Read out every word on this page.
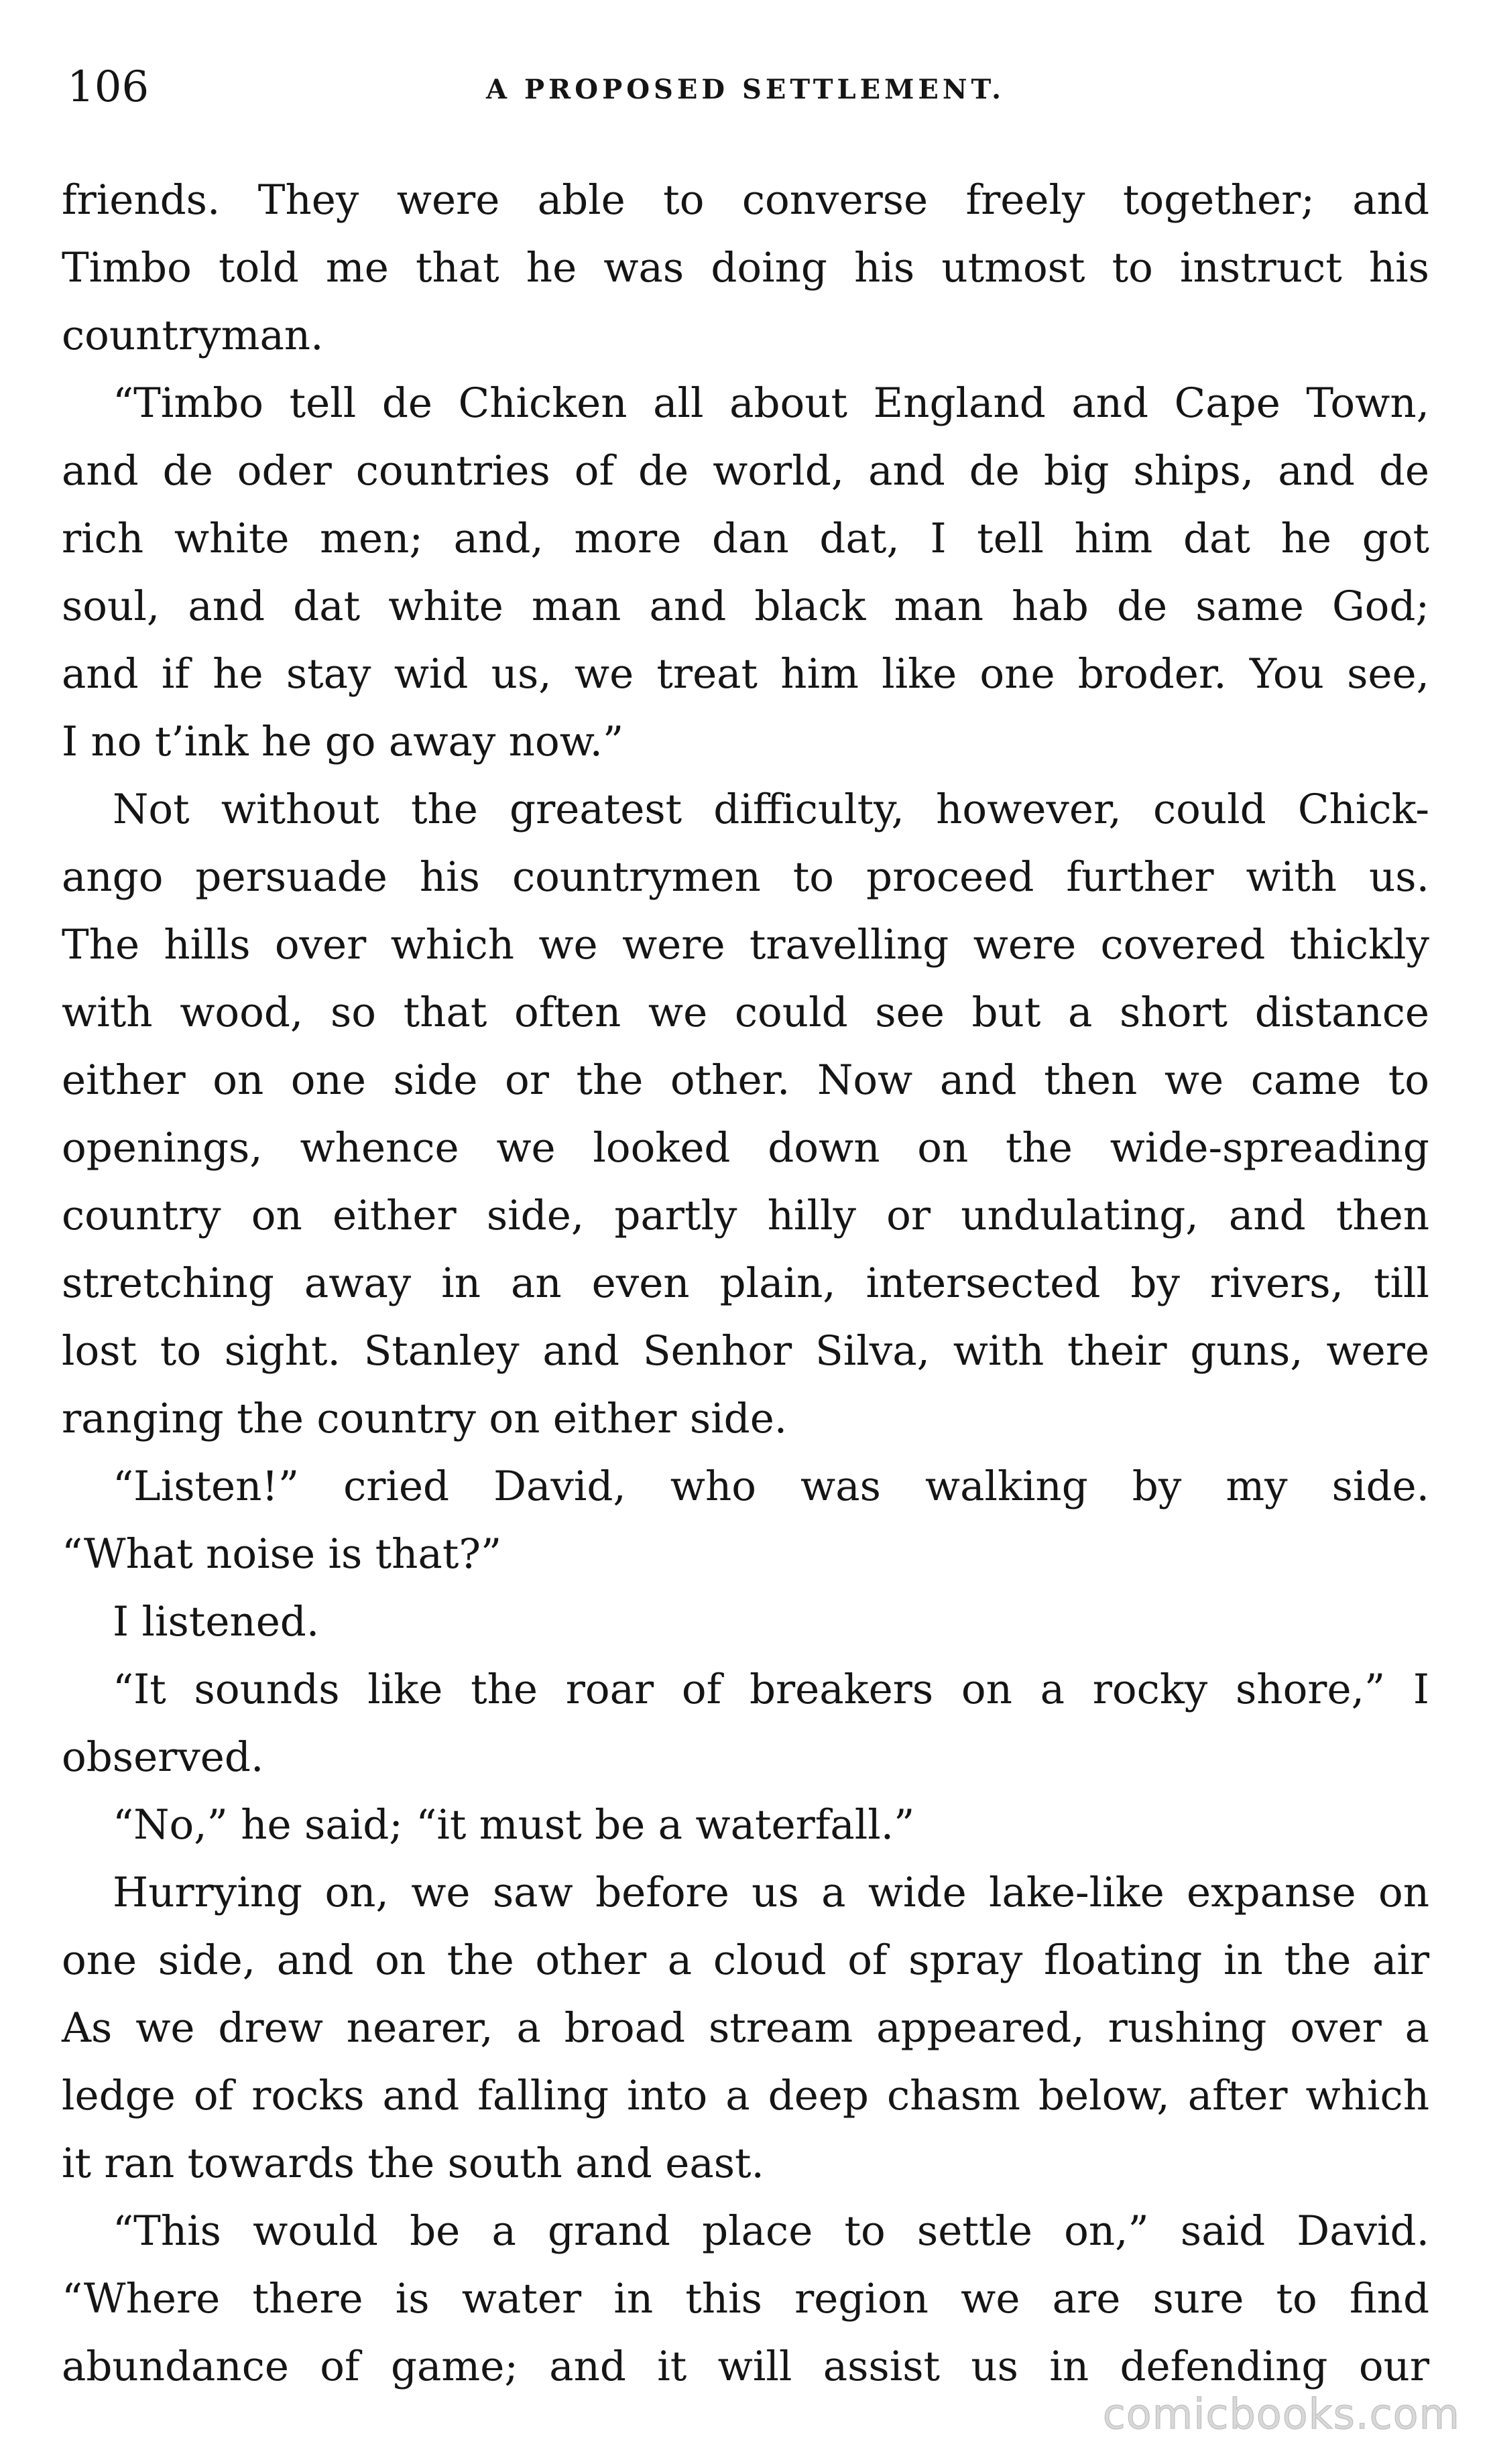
106	A PROPOSED SETTLEMENT.
friends. They were able to converse freely together; and
Timbo told me that he was doing his utmost to instruct his
countryman.
“Timbo tell de Chicken all about England and Cape Town,
and de oder countries of de world, and de big ships, and de
rich white men; and, more dan dat, I tell him dat he got
soul, and dat white man and black man hab de same God;
and if he stay wid us, we treat him like one broder. You see,
I no t’ink he go away now.”
Not without the greatest difficulty, however, could Chick-
ango persuade his countrymen to proceed further with us.
The hills over which we were travelling were covered thickly
with wood, so that often we could see but a short distance
either on one side or the other. Now and then we came to
openings, whence we looked down on the wide-spreading
country on either side, partly hilly or undulating, and then
stretching away in an even plain, intersected by rivers, till
lost to sight. Stanley and Senhor Silva, with their guns, were
ranging the country on either side.
“Listen!” cried David, who was walking by my side.
“What noise is that?”
I listened.
“It sounds like the roar of breakers on a rocky shore,” I
observed.
“No,” he said; “it must be a waterfall.”
Hurrying on, we saw before us a wide lake-like expanse on
one side, and on the other a cloud of spray floating in the air
As we drew nearer, a broad stream appeared, rushing over a
ledge of rocks and falling into a deep chasm below, after which
it ran towards the south and east.
“This would be a grand place to settle on,” said David.
“Where there is water in this region we are sure to find
abundance of game; and it will assist us in defending our
comicbooks.com
